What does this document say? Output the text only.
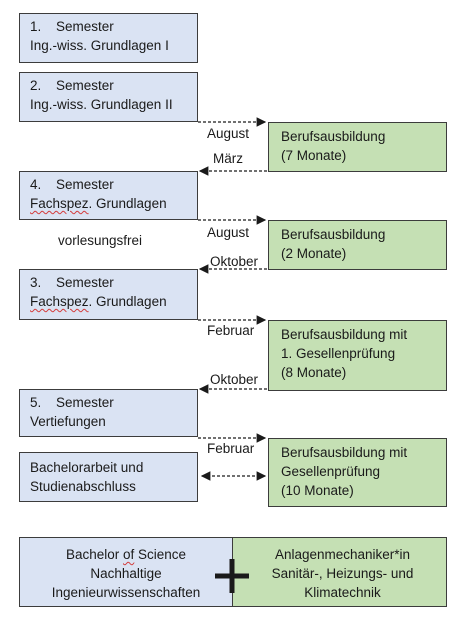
1. Semester
Ing.-wiss. Grundlagen I
2. Semester
Ing.-wiss. Grundlagen II
4. Semester
Fachspez. Grundlagen
3. Semester
Fachspez. Grundlagen
5. Semester
Vertiefungen
Bachelorarbeit und
Studienabschluss
Berufsausbildung
(7 Monate)
Berufsausbildung
(2 Monate)
Berufsausbildung mit
1. Gesellenprüfung
(8 Monate)
Berufsausbildung mit
Gesellenprüfung
(10 Monate)
August
März
August
vorlesungsfrei
Oktober
Februar
Oktober
Februar
Bachelor of Science
Nachhaltige
Ingenieurwissenschaften
Anlagenmechaniker*in
Sanitär-, Heizungs- und
Klimatechnik
